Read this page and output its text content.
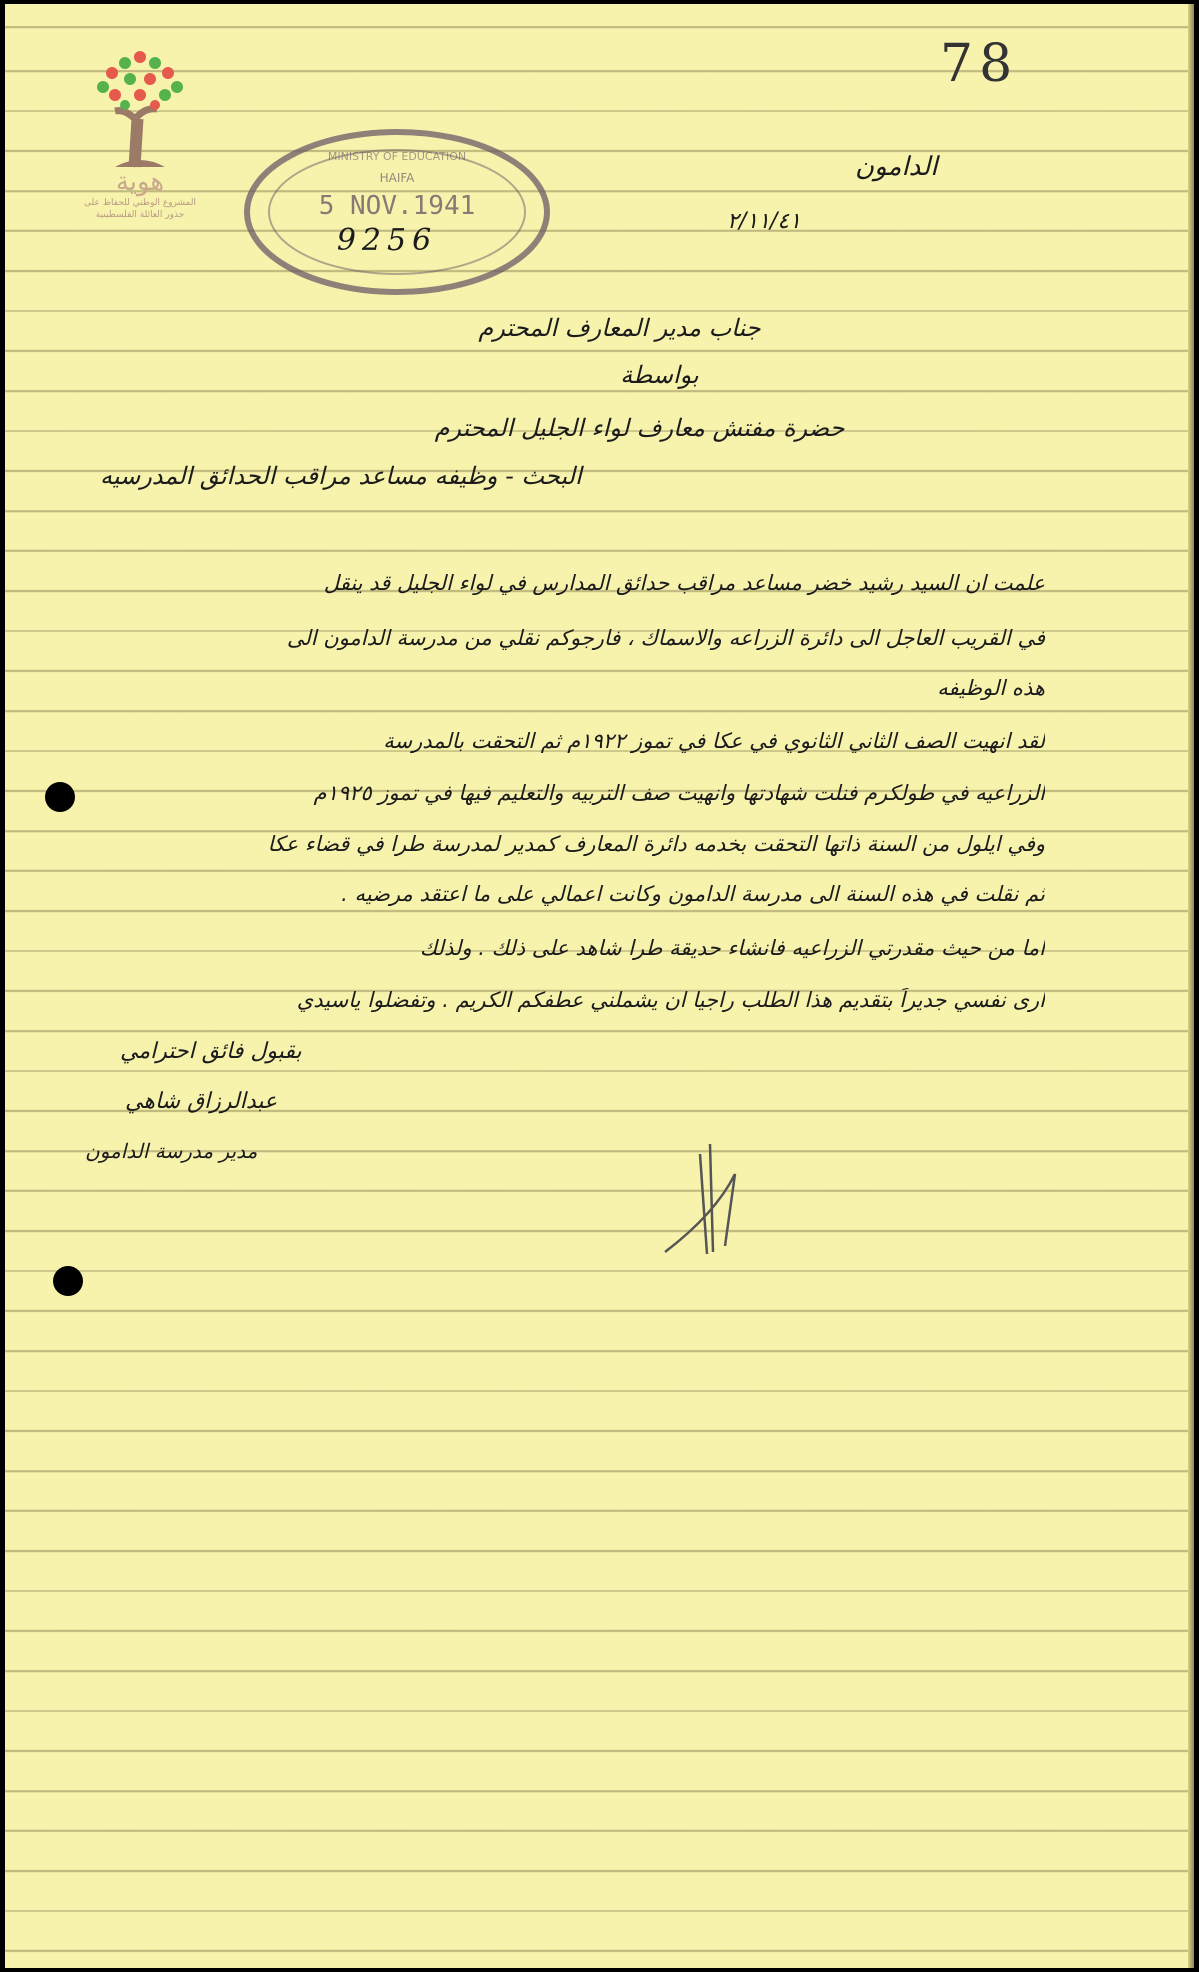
78
هوية
المشروع الوطني للحفاظ على
جذور العائلة الفلسطينية
MINISTRY OF EDUCATION
HAIFA
5 NOV.1941
9256
الدامون
٢/١١/٤١
جناب مدير المعارف المحترم
بواسطة
حضرة مفتش معارف لواء الجليل المحترم
البحث - وظيفه مساعد مراقب الحدائق المدرسيه
علمت ان السيد رشيد خضر مساعد مراقب حدائق المدارس في لواء الجليل قد ينقل
في القريب العاجل الى دائرة الزراعه والاسماك ، فارجوكم نقلي من مدرسة الدامون الى
هذه الوظيفه
لقد انهيت الصف الثاني الثانوي في عكا في تموز ١٩٢٢م ثم التحقت بالمدرسة
الزراعيه في طولكرم فنلت شهادتها وانهيت صف التربيه والتعليم فيها في تموز ١٩٢٥م
وفي ايلول من السنة ذاتها التحقت بخدمه دائرة المعارف كمدير لمدرسة طرا في قضاء عكا
ثم نقلت في هذه السنة الى مدرسة الدامون وكانت اعمالي على ما اعتقد مرضيه .
اما من حيث مقدرتي الزراعيه فانشاء حديقة طرا شاهد على ذلك . ولذلك
ارى نفسي جديراً بتقديم هذا الطلب راجيا ان يشملني عطفكم الكريم . وتفضلوا ياسيدي
بقبول فائق احترامي
عبدالرزاق شاهي
مدير مدرسة الدامون
